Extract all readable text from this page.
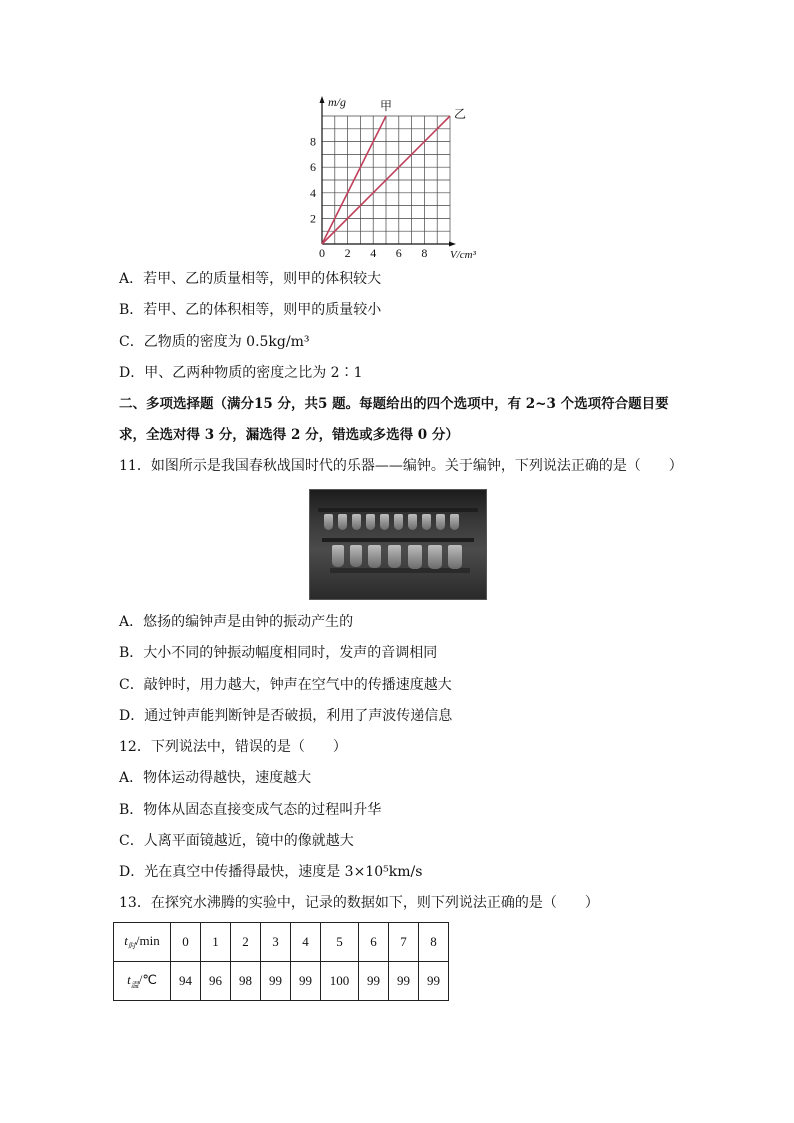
m/g
V/cm³
0 2 4 6 8
2
4
6
8
甲
乙
A．若甲、乙的质量相等，则甲的体积较大
B．若甲、乙的体积相等，则甲的质量较小
C．乙物质的密度为 0.5kg/m³
D．甲、乙两种物质的密度之比为 2∶1
二、多项选择题（满分15 分，共5 题。每题给出的四个选项中，有 2~3 个选项符合题目要
求，全选对得 3 分，漏选得 2 分，错选或多选得 0 分）
11．如图所示是我国春秋战国时代的乐器——编钟。关于编钟，下列说法正确的是（　　）
A．悠扬的编钟声是由钟的振动产生的
B．大小不同的钟振动幅度相同时，发声的音调相同
C．敲钟时，用力越大，钟声在空气中的传播速度越大
D．通过钟声能判断钟是否破损，利用了声波传递信息
12．下列说法中，错误的是（　　）
A．物体运动得越快，速度越大
B．物体从固态直接变成气态的过程叫升华
C．人离平面镜越近，镜中的像就越大
D．光在真空中传播得最快，速度是 3×10⁵km/s
13．在探究水沸腾的实验中，记录的数据如下，则下列说法正确的是（　　）
$t_时/\min$	0	1	2	3	4	5	6	7	8
$t_温/℃$	94	96	98	99	99	100	99	99	99
